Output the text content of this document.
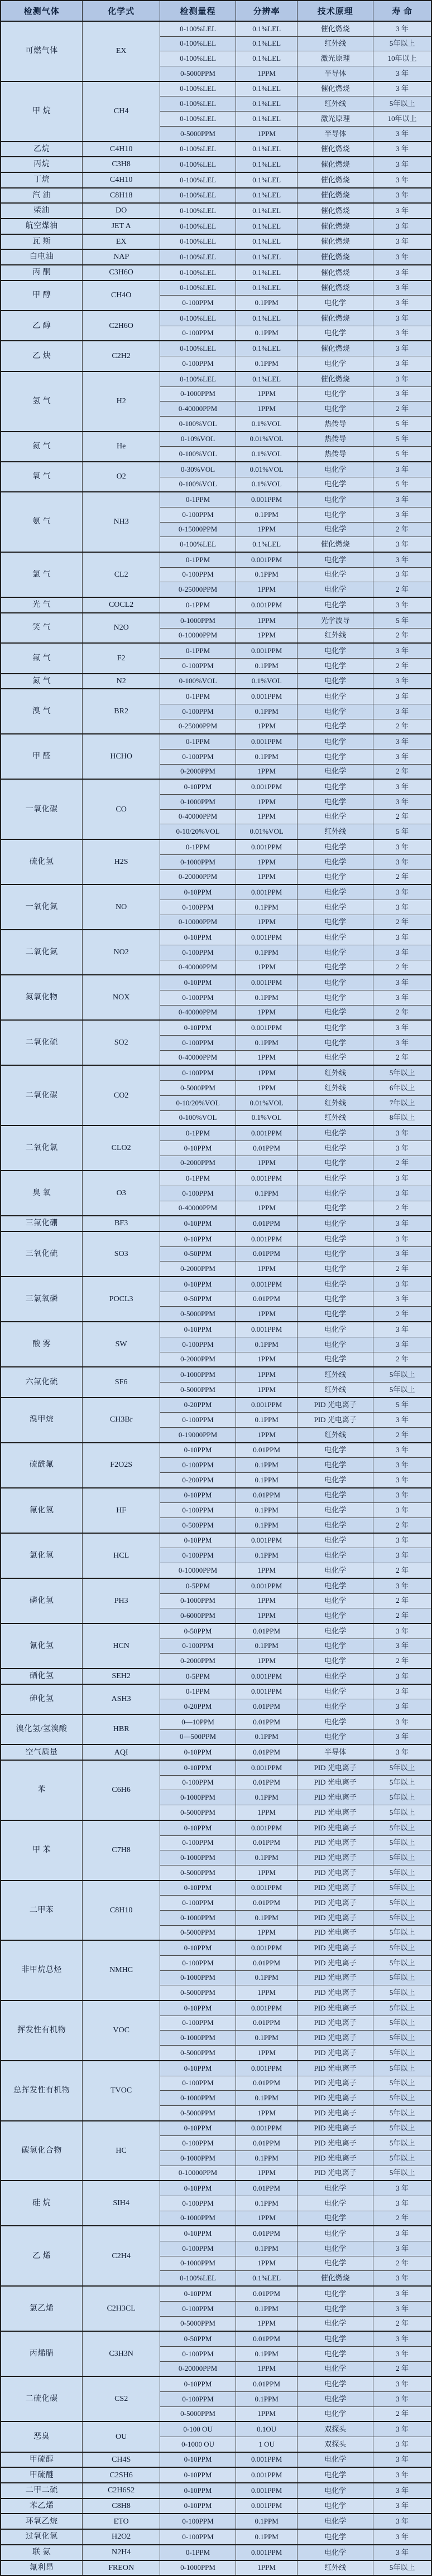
检测气体	化学式	检测量程	分辨率	技术原理	寿 命
可燃气体	EX	0-100%LEL	0.1%LEL	催化燃烧	3 年
		0-100%LEL	0.1%LEL	红外线	5年以上
		0-100%LEL	0.1%LEL	激光原理	10年以上
		0-5000PPM	1PPM	半导体	3 年
甲 烷	CH4	0-100%LEL	0.1%LEL	催化燃烧	3 年
		0-100%LEL	0.1%LEL	红外线	5年以上
		0-100%LEL	0.1%LEL	激光原理	10年以上
		0-5000PPM	1PPM	半导体	3 年
乙烷	C4H10	0-100%LEL	0.1%LEL	催化燃烧	3 年
丙烷	C3H8	0-100%LEL	0.1%LEL	催化燃烧	3 年
丁烷	C4H10	0-100%LEL	0.1%LEL	催化燃烧	3 年
汽 油	C8H18	0-100%LEL	0.1%LEL	催化燃烧	3 年
柴油	DO	0-100%LEL	0.1%LEL	催化燃烧	3 年
航空煤油	JET A	0-100%LEL	0.1%LEL	催化燃烧	3 年
瓦 斯	EX	0-100%LEL	0.1%LEL	催化燃烧	3 年
白电油	NAP	0-100%LEL	0.1%LEL	催化燃烧	3 年
丙 酮	C3H6O	0-100%LEL	0.1%LEL	催化燃烧	3 年
甲 醇	CH4O	0-100%LEL	0.1%LEL	催化燃烧	3 年
		0-100PPM	0.1PPM	电化学	3 年
乙 醇	C2H6O	0-100%LEL	0.1%LEL	催化燃烧	3 年
		0-100PPM	0.1PPM	电化学	3 年
乙 炔	C2H2	0-100%LEL	0.1%LEL	催化燃烧	3 年
		0-100PPM	0.1PPM	电化学	3 年
氢 气	H2	0-100%LEL	0.1%LEL	催化燃烧	3 年
		0-1000PPM	1PPM	电化学	3 年
		0-40000PPM	1PPM	电化学	2 年
		0-100%VOL	0.1%VOL	热传导	5 年
氦 气	He	0-10%VOL	0.01%VOL	热传导	5 年
		0-100%VOL	0.1%VOL	热传导	5 年
氧 气	O2	0-30%VOL	0.01%VOL	电化学	3 年
		0-100%VOL	0.1%VOL	电化学	5 年
氨 气	NH3	0-1PPM	0.001PPM	电化学	3 年
		0-100PPM	0.1PPM	电化学	3 年
		0-15000PPM	1PPM	电化学	2 年
		0-100%LEL	0.1%LEL	催化燃烧	3 年
氯 气	CL2	0-1PPM	0.001PPM	电化学	3 年
		0-100PPM	0.1PPM	电化学	3 年
		0-25000PPM	1PPM	电化学	2 年
光 气	COCL2	0-1PPM	0.001PPM	电化学	3 年
笑 气	N2O	0-1000PPM	1PPM	光学波导	5 年
		0-10000PPM	1PPM	红外线	2 年
氟 气	F2	0-1PPM	0.001PPM	电化学	3 年
		0-100PPM	0.1PPM	电化学	2 年
氮 气	N2	0-100%VOL	0.1%VOL	电化学	3 年
溴 气	BR2	0-1PPM	0.001PPM	电化学	3 年
		0-100PPM	0.1PPM	电化学	3 年
		0-25000PPM	1PPM	电化学	2 年
甲 醛	HCHO	0-1PPM	0.001PPM	电化学	3 年
		0-100PPM	0.1PPM	电化学	3 年
		0-2000PPM	1PPM	电化学	2 年
一氧化碳	CO	0-10PPM	0.001PPM	电化学	3 年
		0-1000PPM	1PPM	电化学	3 年
		0-40000PPM	1PPM	电化学	2 年
		0-10/20%VOL	0.01%VOL	红外线	5 年
硫化氢	H2S	0-1PPM	0.001PPM	电化学	3 年
		0-1000PPM	1PPM	电化学	3 年
		0-20000PPM	1PPM	电化学	2 年
一氧化氮	NO	0-10PPM	0.001PPM	电化学	3 年
		0-100PPM	0.1PPM	电化学	3 年
		0-10000PPM	1PPM	电化学	2 年
二氧化氮	NO2	0-10PPM	0.001PPM	电化学	3 年
		0-100PPM	0.1PPM	电化学	3 年
		0-40000PPM	1PPM	电化学	2 年
氮氧化物	NOX	0-10PPM	0.001PPM	电化学	3 年
		0-100PPM	0.1PPM	电化学	3 年
		0-40000PPM	1PPM	电化学	2 年
二氧化硫	SO2	0-10PPM	0.001PPM	电化学	3 年
		0-100PPM	0.1PPM	电化学	3 年
		0-40000PPM	1PPM	电化学	2 年
二氧化碳	CO2	0-100PPM	1PPM	红外线	5年以上
		0-5000PPM	1PPM	红外线	6年以上
		0-10/20%VOL	0.01%VOL	红外线	7年以上
		0-100%VOL	0.1%VOL	红外线	8年以上
二氧化氯	CLO2	0-1PPM	0.001PPM	电化学	3 年
		0-10PPM	0.01PPM	电化学	3 年
		0-2000PPM	1PPM	电化学	2 年
臭 氧	O3	0-1PPM	0.001PPM	电化学	3 年
		0-100PPM	0.1PPM	电化学	3 年
		0-40000PPM	1PPM	电化学	2 年
三氟化硼	BF3	0-10PPM	0.01PPM	电化学	3 年
三氧化硫	SO3	0-10PPM	0.001PPM	电化学	3 年
		0-50PPM	0.01PPM	电化学	3 年
		0-2000PPM	1PPM	电化学	2 年
三氯氧磷	POCL3	0-10PPM	0.001PPM	电化学	3 年
		0-50PPM	0.01PPM	电化学	3 年
		0-5000PPM	1PPM	电化学	2 年
酸 雾	SW	0-10PPM	0.001PPM	电化学	3 年
		0-100PPM	0.1PPM	电化学	3 年
		0-2000PPM	1PPM	电化学	2 年
六氟化硫	SF6	0-1000PPM	1PPM	红外线	5年以上
		0-5000PPM	1PPM	红外线	5年以上
溴甲烷	CH3Br	0-20PPM	0.001PPM	PID 光电离子	5 年
		0-100PPM	0.1PPM	PID 光电离子	3 年
		0-19000PPM	1PPM	红外线	2 年
硫酰氟	F2O2S	0-10PPM	0.01PPM	电化学	3 年
		0-100PPM	0.1PPM	电化学	3 年
		0-200PPM	0.1PPM	电化学	3 年
氟化氢	HF	0-10PPM	0.01PPM	电化学	3 年
		0-100PPM	0.1PPM	电化学	3 年
		0-500PPM	0.1PPM	电化学	2 年
氯化氢	HCL	0-10PPM	0.001PPM	电化学	3 年
		0-100PPM	0.1PPM	电化学	3 年
		0-10000PPM	1PPM	电化学	2 年
磷化氢	PH3	0-5PPM	0.001PPM	电化学	3 年
		0-1000PPM	1PPM	电化学	2 年
		0-6000PPM	1PPM	电化学	2 年
氰化氢	HCN	0-50PPM	0.01PPM	电化学	3 年
		0-100PPM	0.1PPM	电化学	3 年
		0-2000PPM	1PPM	电化学	2 年
硒化氢	SEH2	0-5PPM	0.001PPM	电化学	3 年
砷化氢	ASH3	0-1PPM	0.001PPM	电化学	3 年
		0-20PPM	0.01PPM	电化学	3 年
溴化氢/氢溴酸	HBR	0—10PPM	0.01PPM	电化学	3 年
		0—500PPM	0.1PPM	电化学	3 年
空气质量	AQI	0-10PPM	0.01PPM	半导体	3 年
苯	C6H6	0-10PPM	0.001PPM	PID 光电离子	5年以上
		0-100PPM	0.01PPM	PID 光电离子	5年以上
		0-1000PPM	0.1PPM	PID 光电离子	5年以上
		0-5000PPM	1PPM	PID 光电离子	5年以上
甲 苯	C7H8	0-10PPM	0.001PPM	PID 光电离子	5年以上
		0-100PPM	0.01PPM	PID 光电离子	5年以上
		0-1000PPM	0.1PPM	PID 光电离子	5年以上
		0-5000PPM	1PPM	PID 光电离子	5年以上
二甲苯	C8H10	0-10PPM	0.001PPM	PID 光电离子	5年以上
		0-100PPM	0.01PPM	PID 光电离子	5年以上
		0-1000PPM	0.1PPM	PID 光电离子	5年以上
		0-5000PPM	1PPM	PID 光电离子	5年以上
非甲烷总烃	NMHC	0-10PPM	0.001PPM	PID 光电离子	5年以上
		0-100PPM	0.01PPM	PID 光电离子	5年以上
		0-1000PPM	0.1PPM	PID 光电离子	5年以上
		0-5000PPM	1PPM	PID 光电离子	5年以上
挥发性有机物	VOC	0-10PPM	0.001PPM	PID 光电离子	5年以上
		0-100PPM	0.01PPM	PID 光电离子	5年以上
		0-1000PPM	0.1PPM	PID 光电离子	5年以上
		0-5000PPM	1PPM	PID 光电离子	5年以上
总挥发性有机物	TVOC	0-10PPM	0.001PPM	PID 光电离子	5年以上
		0-100PPM	0.01PPM	PID 光电离子	5年以上
		0-1000PPM	0.1PPM	PID 光电离子	5年以上
		0-5000PPM	1PPM	PID 光电离子	5年以上
碳氢化合物	HC	0-10PPM	0.001PPM	PID 光电离子	5年以上
		0-100PPM	0.01PPM	PID 光电离子	5年以上
		0-1000PPM	0.1PPM	PID 光电离子	5年以上
		0-10000PPM	1PPM	PID 光电离子	5年以上
硅 烷	SIH4	0-10PPM	0.01PPM	电化学	3 年
		0-100PPM	0.1PPM	电化学	3 年
		0-1000PPM	1PPM	电化学	2 年
乙 烯	C2H4	0-10PPM	0.01PPM	电化学	3 年
		0-100PPM	0.1PPM	电化学	3 年
		0-1000PPM	1PPM	电化学	2 年
		0-100%LEL	0.1%LEL	催化燃烧	3 年
氯乙烯	C2H3CL	0-10PPM	0.01PPM	电化学	3 年
		0-100PPM	0.1PPM	电化学	3 年
		0-5000PPM	1PPM	电化学	2 年
丙烯腈	C3H3N	0-50PPM	0.01PPM	电化学	3 年
		0-100PPM	0.1PPM	电化学	3 年
		0-20000PPM	1PPM	电化学	2 年
二硫化碳	CS2	0-10PPM	0.01PPM	电化学	3 年
		0-100PPM	0.1PPM	电化学	3 年
		0-5000PPM	1PPM	电化学	2 年
恶臭	OU	0-100 OU	0.1OU	双探头	3 年
		0-1000 OU	1 OU	双探头	3 年
甲硫醇	CH4S	0-10PPM	0.001PPM	电化学	3 年
甲硫醚	C2SH6	0-10PPM	0.001PPM	电化学	3 年
二甲二硫	C2H6S2	0-10PPM	0.001PPM	电化学	3 年
苯乙烯	C8H8	0-10PPM	0.001PPM	电化学	3 年
环氧乙烷	ETO	0-100PPM	0.1PPM	电化学	3 年
过氧化氢	H2O2	0-100PPM	0.1PPM	电化学	3 年
联 氨	N2H4	0-1PPM	0.001PPM	电化学	3 年
氟利昂	FREON	0-1000PPM	1PPM	红外线	5年以上
